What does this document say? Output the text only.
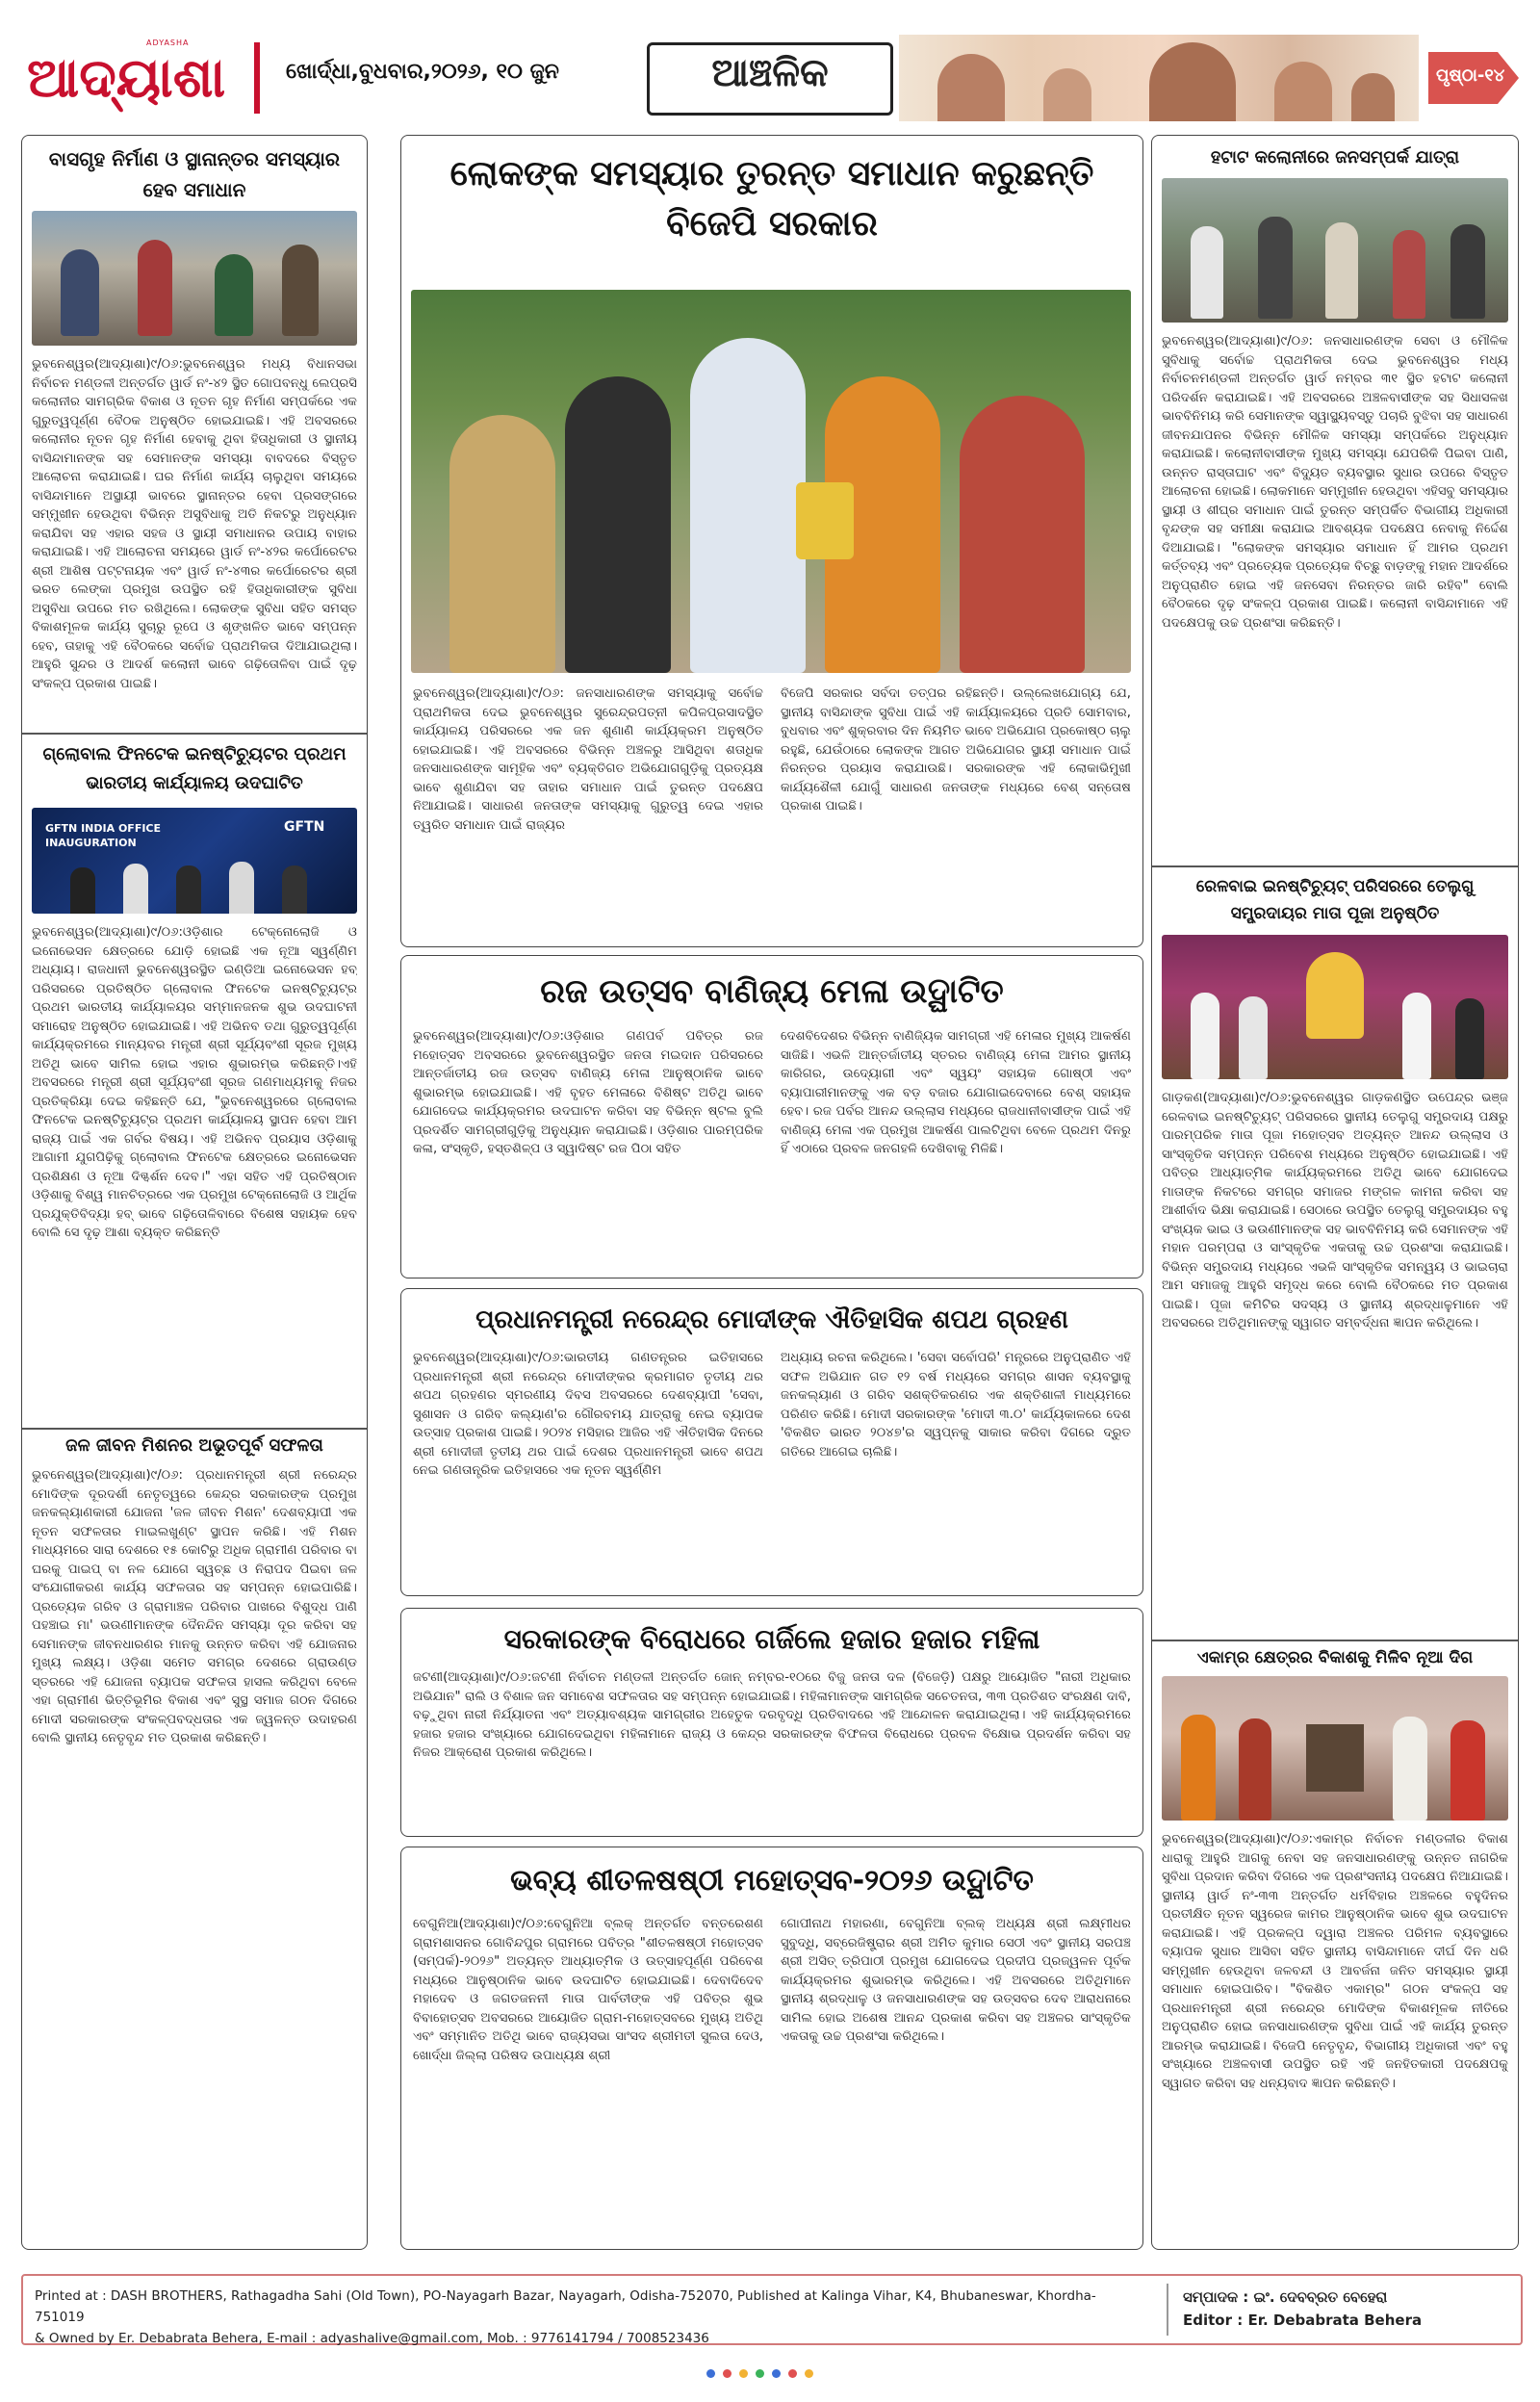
ADYASHA
ଆଦ୍ୟାଶା	ଖୋର୍ଦ୍ଧା,ବୁଧବାର,୨୦୨୬, ୧୦ ଜୁନ	ଆଞ୍ଚଳିକ	ପୃଷ୍ଠା-୧୪
ବାସଗୃହ ନିର୍ମାଣ ଓ ସ୍ଥାନାନ୍ତର ସମସ୍ୟାର ହେବ ସମାଧାନ
ଭୁବନେଶ୍ୱର(ଆଦ୍ୟାଶା)୯/୦୬:ଭୁବନେଶ୍ୱର ମଧ୍ୟ ବିଧାନସଭା ନିର୍ବାଚନ ମଣ୍ଡଳୀ ଅନ୍ତର୍ଗତ ୱାର୍ଡ ନଂ-୪୨ ସ୍ଥିତ ଗୋପବନ୍ଧୁ ଲେପ୍ରସି କଲୋନୀର ସାମଗ୍ରିକ ବିକାଶ ଓ ନୂତନ ଗୃହ ନିର୍ମାଣ ସମ୍ପର୍କରେ ଏକ ଗୁରୁତ୍ୱପୂର୍ଣ୍ଣ ବୈଠକ ଅନୁଷ୍ଠିତ ହୋଇଯାଇଛି। ଏହି ଅବସରରେ କଲୋନୀର ନୂତନ ଗୃହ ନିର୍ମାଣ ହେବାକୁ ଥିବା ହିତାଧିକାରୀ ଓ ସ୍ଥାନୀୟ ବାସିନ୍ଦାମାନଙ୍କ ସହ ସେମାନଙ୍କ ସମସ୍ୟା ବାବଦରେ ବିସ୍ତୃତ ଆଲୋଚନା କରାଯାଇଛି। ଘର ନିର୍ମାଣ କାର୍ଯ୍ୟ ଚାଲୁଥିବା ସମୟରେ ବାସିନ୍ଦାମାନେ ଅସ୍ଥାୟୀ ଭାବରେ ସ୍ଥାନାନ୍ତର ହେବା ପ୍ରସଙ୍ଗରେ ସମ୍ମୁଖୀନ ହେଉଥିବା ବିଭିନ୍ନ ଅସୁବିଧାକୁ ଅତି ନିକଟରୁ ଅନୁଧ୍ୟାନ କରାଯିବା ସହ ଏହାର ସହଜ ଓ ସ୍ଥାୟୀ ସମାଧାନର ଉପାୟ ବାହାର କରାଯାଇଛି। ଏହି ଆଲୋଚନା ସମୟରେ ୱାର୍ଡ ନଂ-୪୨ର କର୍ପୋରେଟର ଶ୍ରୀ ଆଶିଷ ପଟ୍ଟନାୟକ ଏବଂ ୱାର୍ଡ ନଂ-୪୩ର କର୍ପୋରେଟର ଶ୍ରୀ ଭରତ ଲେଙ୍କା ପ୍ରମୁଖ ଉପସ୍ଥିତ ରହି ହିତାଧିକାରୀଙ୍କ ସୁବିଧା ଅସୁବିଧା ଉପରେ ମତ ରଖିଥିଲେ। ଲୋକଙ୍କ ସୁବିଧା ସହିତ ସମସ୍ତ ବିକାଶମୂଳକ କାର୍ଯ୍ୟ ସୁଚାରୁ ରୂପେ ଓ ଶୃଙ୍ଖଳିତ ଭାବେ ସମ୍ପନ୍ନ ହେବ, ତାହାକୁ ଏହି ବୈଠକରେ ସର୍ବୋଚ୍ଚ ପ୍ରାଥମିକତା ଦିଆଯାଇଥିଲା। ଆହୁରି ସୁନ୍ଦର ଓ ଆଦର୍ଶ କଲୋନୀ ଭାବେ ଗଢ଼ିତୋଳିବା ପାଇଁ ଦୃଢ଼ ସଂକଳ୍ପ ପ୍ରକାଶ ପାଇଛି।
ଗ୍ଲୋବାଲ ଫିନଟେକ ଇନଷ୍ଟିଚ୍ୟୁଟର ପ୍ରଥମ ଭାରତୀୟ କାର୍ଯ୍ୟାଳୟ ଉଦଘାଟିତ
GFTN INDIA OFFICE INAUGURATION
GFTN
ଭୁବନେଶ୍ୱର(ଆଦ୍ୟାଶା)୯/୦୬:ଓଡ଼ିଶାର ଟେକ୍ନୋଲୋଜି ଓ ଇନୋଭେସନ କ୍ଷେତ୍ରରେ ଯୋଡ଼ି ହୋଇଛି ଏକ ନୂଆ ସ୍ୱର୍ଣ୍ଣିମ ଅଧ୍ୟାୟ। ରାଜଧାନୀ ଭୁବନେଶ୍ୱରସ୍ଥିତ ଇଣ୍ଡିଆ ଇନୋଭେସନ ହବ୍ ପରିସରରେ ପ୍ରତିଷ୍ଠିତ ଗ୍ଲୋବାଲ ଫିନଟେକ ଇନଷ୍ଟିଚ୍ୟୁଟ୍ର ପ୍ରଥମ ଭାରତୀୟ କାର୍ଯ୍ୟାଳୟର ସମ୍ମାନଜନକ ଶୁଭ ଉଦଘାଟନୀ ସମାରୋହ ଅନୁଷ୍ଠିତ ହୋଇଯାଇଛି। ଏହି ଅଭିନବ ତଥା ଗୁରୁତ୍ୱପୂର୍ଣ୍ଣ କାର୍ଯ୍ୟକ୍ରମରେ ମାନ୍ୟବର ମନ୍ତ୍ରୀ ଶ୍ରୀ ସୂର୍ଯ୍ୟବଂଶୀ ସୂରଜ ମୁଖ୍ୟ ଅତିଥି ଭାବେ ସାମିଲ ହୋଇ ଏହାର ଶୁଭାରମ୍ଭ କରିଛନ୍ତି।ଏହି ଅବସରରେ ମନ୍ତ୍ରୀ ଶ୍ରୀ ସୂର୍ଯ୍ୟବଂଶୀ ସୂରଜ ଗଣମାଧ୍ୟମକୁ ନିଜର ପ୍ରତିକ୍ରିୟା ଦେଇ କହିଛନ୍ତି ଯେ, "ଭୁବନେଶ୍ୱରରେ ଗ୍ଲୋବାଲ ଫିନଟେକ ଇନଷ୍ଟିଚ୍ୟୁଟ୍ର ପ୍ରଥମ କାର୍ଯ୍ୟାଳୟ ସ୍ଥାପନ ହେବା ଆମ ରାଜ୍ୟ ପାଇଁ ଏକ ଗର୍ବର ବିଷୟ। ଏହି ଅଭିନବ ପ୍ରୟାସ ଓଡ଼ିଶାକୁ ଆଗାମୀ ଯୁଗପିଢ଼ିକୁ ଗ୍ଲୋବାଲ ଫିନଟେକ କ୍ଷେତ୍ରରେ ଇନୋଭେସନ ପ୍ରଶିକ୍ଷଣ ଓ ନୂଆ ଦିଗ୍ଦର୍ଶନ ଦେବ।" ଏହା ସହିତ ଏହି ପ୍ରତିଷ୍ଠାନ ଓଡ଼ିଶାକୁ ବିଶ୍ୱ ମାନଚିତ୍ରରେ ଏକ ପ୍ରମୁଖ ଟେକ୍ନୋଲୋଜି ଓ ଆର୍ଥିକ ପ୍ରଯୁକ୍ତିବିଦ୍ୟା ହବ୍ ଭାବେ ଗଢ଼ିତୋଳିବାରେ ବିଶେଷ ସହାୟକ ହେବ ବୋଲି ସେ ଦୃଢ଼ ଆଶା ବ୍ୟକ୍ତ କରିଛନ୍ତି
ଜଳ ଜୀବନ ମିଶନର ଅଭୂତପୂର୍ବ ସଫଳତା
ଭୁବନେଶ୍ୱର(ଆଦ୍ୟାଶା)୯/୦୬: ପ୍ରଧାନମନ୍ତ୍ରୀ ଶ୍ରୀ ନରେନ୍ଦ୍ର ମୋଦିଙ୍କ ଦୂରଦର୍ଶୀ ନେତୃତ୍ୱରେ କେନ୍ଦ୍ର ସରକାରଙ୍କ ପ୍ରମୁଖ ଜନକଲ୍ୟାଣକାରୀ ଯୋଜନା 'ଜଳ ଜୀବନ ମିଶନ' ଦେଶବ୍ୟାପୀ ଏକ ନୂତନ ସଫଳତାର ମାଇଲଖୁଣ୍ଟ ସ୍ଥାପନ କରିଛି। ଏହି ମିଶନ ମାଧ୍ୟମରେ ସାରା ଦେଶରେ ୧୫ କୋଟିରୁ ଅଧିକ ଗ୍ରାମୀଣ ପରିବାର ବା ଘରକୁ ପାଇପ୍ ବା ନଳ ଯୋଗେ ସ୍ୱଚ୍ଛ ଓ ନିରାପଦ ପିଇବା ଜଳ ସଂଯୋଗୀକରଣ କାର୍ଯ୍ୟ ସଫଳତାର ସହ ସମ୍ପନ୍ନ ହୋଇପାରିଛି। ପ୍ରତ୍ୟେକ ଗରିବ ଓ ଗ୍ରାମାଞ୍ଚଳ ପରିବାର ପାଖରେ ବିଶୁଦ୍ଧ ପାଣି ପହଞ୍ଚାଇ ମା' ଭଉଣୀମାନଙ୍କ ଦୈନନ୍ଦିନ ସମସ୍ୟା ଦୂର କରିବା ସହ ସେମାନଙ୍କ ଜୀବନଧାରଣର ମାନକୁ ଉନ୍ନତ କରିବା ଏହି ଯୋଜନାର ମୁଖ୍ୟ ଲକ୍ଷ୍ୟ। ଓଡ଼ିଶା ସମେତ ସମଗ୍ର ଦେଶରେ ଗ୍ରାଉଣ୍ଡ ସ୍ତରରେ ଏହି ଯୋଜନା ବ୍ୟାପକ ସଫଳତା ହାସଲ କରିଥିବା ବେଳେ ଏହା ଗ୍ରାମୀଣ ଭିତ୍ତିଭୂମିର ବିକାଶ ଏବଂ ସୁସ୍ଥ ସମାଜ ଗଠନ ଦିଗରେ ମୋଦୀ ସରକାରଙ୍କ ସଂକଳ୍ପବଦ୍ଧତାର ଏକ ଜ୍ୱଳନ୍ତ ଉଦାହରଣ ବୋଲି ସ୍ଥାନୀୟ ନେତୃବୃନ୍ଦ ମତ ପ୍ରକାଶ କରିଛନ୍ତି।
ଲୋକଙ୍କ ସମସ୍ୟାର ତୁରନ୍ତ ସମାଧାନ କରୁଛନ୍ତି ବିଜେପି ସରକାର
ଭୁବନେଶ୍ୱର(ଆଦ୍ୟାଶା)୯/୦୬: ଜନସାଧାରଣଙ୍କ ସମସ୍ୟାକୁ ସର୍ବୋଚ୍ଚ ପ୍ରାଥମିକତା ଦେଇ ଭୁବନେଶ୍ୱର ସୁରେନ୍ଦ୍ରପତ୍ନୀ କପିଳପ୍ରସାଦସ୍ଥିତ କାର୍ଯ୍ୟାଳୟ ପରିସରରେ ଏକ ଜନ ଶୁଣାଣି କାର୍ଯ୍ୟକ୍ରମ ଅନୁଷ୍ଠିତ ହୋଇଯାଇଛି। ଏହି ଅବସରରେ ବିଭିନ୍ନ ଅଞ୍ଚଳରୁ ଆସିଥିବା ଶତାଧିକ ଜନସାଧାରଣଙ୍କ ସାମୂହିକ ଏବଂ ବ୍ୟକ୍ତିଗତ ଅଭିଯୋଗଗୁଡ଼ିକୁ ପ୍ରତ୍ୟକ୍ଷ ଭାବେ ଶୁଣାଯିବା ସହ ତାହାର ସମାଧାନ ପାଇଁ ତୁରନ୍ତ ପଦକ୍ଷେପ ନିଆଯାଇଛି। ସାଧାରଣ ଜନତାଙ୍କ ସମସ୍ୟାକୁ ଗୁରୁତ୍ୱ ଦେଇ ଏହାର ତ୍ୱରିତ ସମାଧାନ ପାଇଁ ରାଜ୍ୟର
ବିଜେପି ସରକାର ସର୍ବଦା ତତ୍ପର ରହିଛନ୍ତି। ଉଲ୍ଲେଖଯୋଗ୍ୟ ଯେ, ସ୍ଥାନୀୟ ବାସିନ୍ଦାଙ୍କ ସୁବିଧା ପାଇଁ ଏହି କାର୍ଯ୍ୟାଳୟରେ ପ୍ରତି ସୋମବାର, ବୁଧବାର ଏବଂ ଶୁକ୍ରବାର ଦିନ ନିୟମିତ ଭାବେ ଅଭିଯୋଗ ପ୍ରକୋଷ୍ଠ ଚାଲୁ ରହୁଛି, ଯେଉଁଠାରେ ଲୋକଙ୍କ ଆଗତ ଅଭିଯୋଗର ସ୍ଥାୟୀ ସମାଧାନ ପାଇଁ ନିରନ୍ତର ପ୍ରୟାସ କରାଯାଉଛି। ସରକାରଙ୍କ ଏହି ଲୋକାଭିମୁଖୀ କାର୍ଯ୍ୟଶୈଳୀ ଯୋଗୁଁ ସାଧାରଣ ଜନତାଙ୍କ ମଧ୍ୟରେ ବେଶ୍ ସନ୍ତୋଷ ପ୍ରକାଶ ପାଇଛି।
ରଜ ଉତ୍ସବ ବାଣିଜ୍ୟ ମେଳା ଉଦ୍ଘାଟିତ
ଭୁବନେଶ୍ୱର(ଆଦ୍ୟାଶା)୯/୦୬:ଓଡ଼ିଶାର ଗଣପର୍ବ ପବିତ୍ର ରଜ ମହୋତ୍ସବ ଅବସରରେ ଭୁବନେଶ୍ୱରସ୍ଥିତ ଜନତା ମଇଦାନ ପରିସରରେ ଆନ୍ତର୍ଜାତୀୟ ରଜ ଉତ୍ସବ ବାଣିଜ୍ୟ ମେଳା ଆନୁଷ୍ଠାନିକ ଭାବେ ଶୁଭାରମ୍ଭ ହୋଇଯାଇଛି। ଏହି ବୃହତ ମେଳାରେ ବିଶିଷ୍ଟ ଅତିଥି ଭାବେ ଯୋଗଦେଇ କାର୍ଯ୍ୟକ୍ରମର ଉଦଘାଟନ କରିବା ସହ ବିଭିନ୍ନ ଷ୍ଟଲ ବୁଲି ପ୍ରଦର୍ଶିତ ସାମଗ୍ରୀଗୁଡ଼ିକୁ ଅନୁଧ୍ୟାନ କରାଯାଇଛି। ଓଡ଼ିଶାର ପାରମ୍ପରିକ କଳା, ସଂସ୍କୃତି, ହସ୍ତଶିଳ୍ପ ଓ ସ୍ୱାଦିଷ୍ଟ ରଜ ପିଠା ସହିତ
ଦେଶବିଦେଶର ବିଭିନ୍ନ ବାଣିଜ୍ୟିକ ସାମଗ୍ରୀ ଏହି ମେଳାର ମୁଖ୍ୟ ଆକର୍ଷଣ ସାଜିଛି। ଏଭଳି ଆନ୍ତର୍ଜାତୀୟ ସ୍ତରର ବାଣିଜ୍ୟ ମେଳା ଆମର ସ୍ଥାନୀୟ କାରିଗର, ଉଦ୍ୟୋଗୀ ଏବଂ ସ୍ୱୟଂ ସହାୟକ ଗୋଷ୍ଠୀ ଏବଂ ବ୍ୟାପାରୀମାନଙ୍କୁ ଏକ ବଡ଼ ବଜାର ଯୋଗାଇଦେବାରେ ବେଶ୍ ସହାୟକ ହେବ। ରଜ ପର୍ବର ଆନନ୍ଦ ଉଲ୍ଲାସ ମଧ୍ୟରେ ରାଜଧାନୀବାସୀଙ୍କ ପାଇଁ ଏହି ବାଣିଜ୍ୟ ମେଳା ଏକ ପ୍ରମୁଖ ଆକର୍ଷଣ ପାଲଟିଥିବା ବେଳେ ପ୍ରଥମ ଦିନରୁ ହିଁ ଏଠାରେ ପ୍ରବଳ ଜନଗହଳି ଦେଖିବାକୁ ମିଳିଛି।
ପ୍ରଧାନମନ୍ତ୍ରୀ ନରେନ୍ଦ୍ର ମୋଦୀଙ୍କ ଐତିହାସିକ ଶପଥ ଗ୍ରହଣ
ଭୁବନେଶ୍ୱର(ଆଦ୍ୟାଶା)୯/୦୬:ଭାରତୀୟ ଗଣତନ୍ତ୍ରର ଇତିହାସରେ ପ୍ରଧାନମନ୍ତ୍ରୀ ଶ୍ରୀ ନରେନ୍ଦ୍ର ମୋଦୀଙ୍କର କ୍ରମାଗତ ତୃତୀୟ ଥର ଶପଥ ଗ୍ରହଣର ସ୍ମରଣୀୟ ଦିବସ ଅବସରରେ ଦେଶବ୍ୟାପୀ 'ସେବା, ସୁଶାସନ ଓ ଗରିବ କଲ୍ୟାଣ'ର ଗୌରବମୟ ଯାତ୍ରାକୁ ନେଇ ବ୍ୟାପକ ଉତ୍ସାହ ପ୍ରକାଶ ପାଇଛି। ୨୦୨୪ ମସିହାର ଆଜିର ଏହି ଐତିହାସିକ ଦିନରେ ଶ୍ରୀ ମୋଦୀଜୀ ତୃତୀୟ ଥର ପାଇଁ ଦେଶର ପ୍ରଧାନମନ୍ତ୍ରୀ ଭାବେ ଶପଥ ନେଇ ଗଣତାନ୍ତ୍ରିକ ଇତିହାସରେ ଏକ ନୂତନ ସ୍ୱର୍ଣ୍ଣିମ
ଅଧ୍ୟାୟ ରଚନା କରିଥିଲେ। 'ସେବା ସର୍ବୋପରି' ମନ୍ତ୍ରରେ ଅନୁପ୍ରାଣିତ ଏହି ସଫଳ ଅଭିଯାନ ଗତ ୧୨ ବର୍ଷ ମଧ୍ୟରେ ସମଗ୍ର ଶାସନ ବ୍ୟବସ୍ଥାକୁ ଜନକଲ୍ୟାଣ ଓ ଗରିବ ସଶକ୍ତିକରଣର ଏକ ଶକ୍ତିଶାଳୀ ମାଧ୍ୟମରେ ପରିଣତ କରିଛି। ମୋଦୀ ସରକାରଙ୍କ 'ମୋଦୀ ୩.୦' କାର୍ଯ୍ୟକାଳରେ ଦେଶ 'ବିକଶିତ ଭାରତ ୨୦୪୭'ର ସ୍ୱପ୍ନକୁ ସାକାର କରିବା ଦିଗରେ ଦ୍ରୁତ ଗତିରେ ଆଗେଇ ଚାଲିଛି।
ସରକାରଙ୍କ ବିରୋଧରେ ଗର୍ଜିଲେ ହଜାର ହଜାର ମହିଳା
ଜଟଣୀ(ଆଦ୍ୟାଶା)୯/୦୬:ଜଟଣୀ ନିର୍ବାଚନ ମଣ୍ଡଳୀ ଅନ୍ତର୍ଗତ ଜୋନ୍ ନମ୍ବର-୧୦ରେ ବିଜୁ ଜନତା ଦଳ (ବିଜେଡ଼ି) ପକ୍ଷରୁ ଆୟୋଜିତ "ନାରୀ ଅଧିକାର ଅଭିଯାନ" ରାଲି ଓ ବିଶାଳ ଜନ ସମାବେଶ ସଫଳତାର ସହ ସମ୍ପନ୍ନ ହୋଇଯାଇଛି। ମହିଳାମାନଙ୍କ ସାମଗ୍ରିକ ସଚେତନତା, ୩୩ ପ୍ରତିଶତ ସଂରକ୍ଷଣ ଦାବି, ବଢ଼ୁଥିବା ନାରୀ ନିର୍ଯ୍ୟାତନା ଏବଂ ଅତ୍ୟାବଶ୍ୟକ ସାମଗ୍ରୀର ଅହେତୁକ ଦରବୃଦ୍ଧି ପ୍ରତିବାଦରେ ଏହି ଆନ୍ଦୋଳନ କରାଯାଇଥିଲା। ଏହି କାର୍ଯ୍ୟକ୍ରମରେ ହଜାର ହଜାର ସଂଖ୍ୟାରେ ଯୋଗଦେଇଥିବା ମହିଳାମାନେ ରାଜ୍ୟ ଓ କେନ୍ଦ୍ର ସରକାରଙ୍କ ବିଫଳତା ବିରୋଧରେ ପ୍ରବଳ ବିକ୍ଷୋଭ ପ୍ରଦର୍ଶନ କରିବା ସହ ନିଜର ଆକ୍ରୋଶ ପ୍ରକାଶ କରିଥିଲେ।
ଭବ୍ୟ ଶୀତଳଷଷ୍ଠୀ ମହୋତ୍ସବ-୨୦୨୬ ଉଦ୍ଘାଟିତ
ବେଗୁନିଆ(ଆଦ୍ୟାଶା)୯/୦୬:ବେଗୁନିଆ ବ୍ଲକ୍ ଅନ୍ତର୍ଗତ ବନ୍ତରେଶଣ ଗ୍ରାମଶାସନର ଗୋବିନ୍ଦପୁର ଗ୍ରାମରେ ପବିତ୍ର "ଶୀତଳଷଷ୍ଠୀ ମହୋତ୍ସବ (ସମ୍ପର୍କ)-୨୦୨୬" ଅତ୍ୟନ୍ତ ଆଧ୍ୟାତ୍ମିକ ଓ ଉତ୍ସାହପୂର୍ଣ୍ଣ ପରିବେଶ ମଧ୍ୟରେ ଆନୁଷ୍ଠାନିକ ଭାବେ ଉଦଘାଟିତ ହୋଇଯାଇଛି। ଦେବାଦିଦେବ ମହାଦେବ ଓ ଜଗତଜନନୀ ମାତା ପାର୍ବତୀଙ୍କ ଏହି ପବିତ୍ର ଶୁଭ ବିବାହୋତ୍ସବ ଅବସରରେ ଆୟୋଜିତ ଗ୍ରାମ-ମହୋତ୍ସବରେ ମୁଖ୍ୟ ଅତିଥି ଏବଂ ସମ୍ମାନିତ ଅତିଥି ଭାବେ ରାଜ୍ୟସଭା ସାଂସଦ ଶ୍ରୀମତୀ ସୁଲତା ଦେଓ, ଖୋର୍ଦ୍ଧା ଜିଲ୍ଲା ପରିଷଦ ଉପାଧ୍ୟକ୍ଷ ଶ୍ରୀ
ଗୋପୀନାଥ ମହାରଣା, ବେଗୁନିଆ ବ୍ଲକ୍ ଅଧ୍ୟକ୍ଷ ଶ୍ରୀ ଲକ୍ଷ୍ମୀଧର ସୁବୁଦ୍ଧି, ସବ୍‌ରେଜିଷ୍ଟ୍ରାର ଶ୍ରୀ ଅମିତ କୁମାର ସେଠୀ ଏବଂ ସ୍ଥାନୀୟ ସରପଞ୍ଚ ଶ୍ରୀ ଅସିତ୍ ତ୍ରିପାଠୀ ପ୍ରମୁଖ ଯୋଗଦେଇ ପ୍ରଦୀପ ପ୍ରଜ୍ୱଳନ ପୂର୍ବକ କାର୍ଯ୍ୟକ୍ରମର ଶୁଭାରମ୍ଭ କରିଥିଲେ। ଏହି ଅବସରରେ ଅତିଥିମାନେ ସ୍ଥାନୀୟ ଶ୍ରଦ୍ଧାଳୁ ଓ ଜନସାଧାରଣଙ୍କ ସହ ଉତ୍ସବର ଦେବ ଆରାଧନାରେ ସାମିଲ ହୋଇ ଅଶେଷ ଆନନ୍ଦ ପ୍ରକାଶ କରିବା ସହ ଅଞ୍ଚଳର ସାଂସ୍କୃତିକ ଏକତାକୁ ଉଚ୍ଚ ପ୍ରଶଂସା କରିଥିଲେ।
ହଟାଟ କଲୋନୀରେ ଜନସମ୍ପର୍କ ଯାତ୍ରା
ଭୁବନେଶ୍ୱର(ଆଦ୍ୟାଶା)୯/୦୬: ଜନସାଧାରଣଙ୍କ ସେବା ଓ ମୌଳିକ ସୁବିଧାକୁ ସର୍ବୋଚ୍ଚ ପ୍ରାଥମିକତା ଦେଇ ଭୁବନେଶ୍ୱର ମଧ୍ୟ ନିର୍ବାଚନମଣ୍ଡଳୀ ଅନ୍ତର୍ଗତ ୱାର୍ଡ ନମ୍ବର ୩୧ ସ୍ଥିତ ହଟାଟ କଲୋନୀ ପରିଦର୍ଶନ କରାଯାଇଛି। ଏହି ଅବସରରେ ଅଞ୍ଚଳବାସୀଙ୍କ ସହ ସିଧାସଳଖ ଭାବବିନିମୟ କରି ସେମାନଙ୍କ ସ୍ୱାସ୍ଥ୍ୟବସ୍ତୁ ପଚାରି ବୁଝିବା ସହ ସାଧାରଣ ଜୀବନଯାପନର ବିଭିନ୍ନ ମୌଳିକ ସମସ୍ୟା ସମ୍ପର୍କରେ ଅନୁଧ୍ୟାନ କରାଯାଇଛି। କଲୋନୀବାସୀଙ୍କ ମୁଖ୍ୟ ସମସ୍ୟା ଯେପରିକି ପିଇବା ପାଣି, ଉନ୍ନତ ରାସ୍ତାଘାଟ ଏବଂ ବିଦ୍ୟୁତ ବ୍ୟବସ୍ଥାର ସୁଧାର ଉପରେ ବିସ୍ତୃତ ଆଲୋଚନା ହୋଇଛି। ଲୋକମାନେ ସମ୍ମୁଖୀନ ହେଉଥିବା ଏହିସବୁ ସମସ୍ୟାର ସ୍ଥାୟୀ ଓ ଶୀଘ୍ର ସମାଧାନ ପାଇଁ ତୁରନ୍ତ ସମ୍ପର୍କିତ ବିଭାଗୀୟ ଅଧିକାରୀ ବୃନ୍ଦଙ୍କ ସହ ସମୀକ୍ଷା କରାଯାଇ ଆବଶ୍ୟକ ପଦକ୍ଷେପ ନେବାକୁ ନିର୍ଦ୍ଦେଶ ଦିଆଯାଇଛି। "ଲୋକଙ୍କ ସମସ୍ୟାର ସମାଧାନ ହିଁ ଆମର ପ୍ରଥମ କର୍ତ୍ତବ୍ୟ ଏବଂ ପ୍ରତ୍ୟେକ ପ୍ରତ୍ୟେକ ବିଚ୍ଛୁ ବାଡ଼ଙ୍କୁ ମହାନ ଆଦର୍ଶରେ ଅନୁପ୍ରାଣିତ ହୋଇ ଏହି ଜନସେବା ନିରନ୍ତର ଜାରି ରହିବ" ବୋଲି ବୈଠକରେ ଦୃଢ଼ ସଂକଳ୍ପ ପ୍ରକାଶ ପାଇଛି। କଲୋନୀ ବାସିନ୍ଦାମାନେ ଏହି ପଦକ୍ଷେପକୁ ଉଚ୍ଚ ପ୍ରଶଂସା କରିଛନ୍ତି।
ରେଳବାଇ ଇନଷ୍ଟିଚ୍ୟୁଟ୍ ପରିସରରେ ତେଲୁଗୁ ସମ୍ପ୍ରଦାୟର ମାତା ପୂଜା ଅନୁଷ୍ଠିତ
ଗାଡ଼କଣ(ଆଦ୍ୟାଶା)୯/୦୬:ଭୁବନେଶ୍ୱର ଗାଡ଼କଣସ୍ଥିତ ଉପେନ୍ଦ୍ର ଭଞ୍ଜ ରେଳବାଇ ଇନଷ୍ଟିଚ୍ୟୁଟ୍ ପରିସରରେ ସ୍ଥାନୀୟ ତେଲୁଗୁ ସମ୍ପ୍ରଦାୟ ପକ୍ଷରୁ ପାରମ୍ପରିକ ମାତା ପୂଜା ମହୋତ୍ସବ ଅତ୍ୟନ୍ତ ଆନନ୍ଦ ଉଲ୍ଲାସ ଓ ସାଂସ୍କୃତିକ ସମ୍ପନ୍ନ ପରିବେଶ ମଧ୍ୟରେ ଅନୁଷ୍ଠିତ ହୋଇଯାଇଛି। ଏହି ପବିତ୍ର ଆଧ୍ୟାତ୍ମିକ କାର୍ଯ୍ୟକ୍ରମରେ ଅତିଥି ଭାବେ ଯୋଗଦେଇ ମାତାଙ୍କ ନିକଟରେ ସମଗ୍ର ସମାଜର ମଙ୍ଗଳ କାମନା କରିବା ସହ ଆଶୀର୍ବାଦ ଭିକ୍ଷା କରାଯାଇଛି। ସେଠାରେ ଉପସ୍ଥିତ ତେଲୁଗୁ ସମ୍ପ୍ରଦାୟର ବହୁ ସଂଖ୍ୟକ ଭାଇ ଓ ଭଉଣୀମାନଙ୍କ ସହ ଭାବବିନିମୟ କରି ସେମାନଙ୍କ ଏହି ମହାନ ପରମ୍ପରା ଓ ସାଂସ୍କୃତିକ ଏକତାକୁ ଉଚ୍ଚ ପ୍ରଶଂସା କରାଯାଇଛି। ବିଭିନ୍ନ ସମ୍ପ୍ରଦାୟ ମଧ୍ୟରେ ଏଭଳି ସାଂସ୍କୃତିକ ସମନ୍ୱୟ ଓ ଭାଇଚାରା ଆମ ସମାଜକୁ ଆହୁରି ସମୃଦ୍ଧ କରେ ବୋଲି ବୈଠକରେ ମତ ପ୍ରକାଶ ପାଇଛି। ପୂଜା କମିଟିର ସଦସ୍ୟ ଓ ସ୍ଥାନୀୟ ଶ୍ରଦ୍ଧାଳୁମାନେ ଏହି ଅବସରରେ ଅତିଥିମାନଙ୍କୁ ସ୍ୱାଗତ ସମ୍ବର୍ଦ୍ଧନା ଜ୍ଞାପନ କରିଥିଲେ।
ଏକାମ୍ର କ୍ଷେତ୍ରର ବିକାଶକୁ ମିଳିବ ନୂଆ ଦିଗ
ଭୁବନେଶ୍ୱର(ଆଦ୍ୟାଶା)୯/୦୬:ଏକାମ୍ର ନିର୍ବାଚନ ମଣ୍ଡଳୀର ବିକାଶ ଧାରାକୁ ଆହୁରି ଆଗକୁ ନେବା ସହ ଜନସାଧାରଣଙ୍କୁ ଉନ୍ନତ ନାଗରିକ ସୁବିଧା ପ୍ରଦାନ କରିବା ଦିଗରେ ଏକ ପ୍ରଶଂସନୀୟ ପଦକ୍ଷେପ ନିଆଯାଇଛି। ସ୍ଥାନୀୟ ୱାର୍ଡ ନଂ-୩୩ ଅନ୍ତର୍ଗତ ଧର୍ମବିହାର ଅଞ୍ଚଳରେ ବହୁଦିନର ପ୍ରତୀକ୍ଷିତ ନୂତନ ସ୍ୱରେଜ କାମର ଆନୁଷ୍ଠାନିକ ଭାବେ ଶୁଭ ଉଦଘାଟନ କରାଯାଇଛି। ଏହି ପ୍ରକଳ୍ପ ଦ୍ୱାରା ଅଞ୍ଚଳର ପରିମଳ ବ୍ୟବସ୍ଥାରେ ବ୍ୟାପକ ସୁଧାର ଆସିବା ସହିତ ସ୍ଥାନୀୟ ବାସିନ୍ଦାମାନେ ଦୀର୍ଘ ଦିନ ଧରି ସମ୍ମୁଖୀନ ହେଉଥିବା ଜଳବନ୍ଦୀ ଓ ଆବର୍ଜନା ଜନିତ ସମସ୍ୟାର ସ୍ଥାୟୀ ସମାଧାନ ହୋଇପାରିବ। "ବିକଶିତ ଏକାମ୍ର" ଗଠନ ସଂକଳ୍ପ ସହ ପ୍ରଧାନମନ୍ତ୍ରୀ ଶ୍ରୀ ନରେନ୍ଦ୍ର ମୋଦିଙ୍କ ବିକାଶମୂଳକ ନୀତିରେ ଅନୁପ୍ରାଣିତ ହୋଇ ଜନସାଧାରଣଙ୍କ ସୁବିଧା ପାଇଁ ଏହି କାର୍ଯ୍ୟ ତୁରନ୍ତ ଆରମ୍ଭ କରାଯାଇଛି। ବିଜେପି ନେତୃବୃନ୍ଦ, ବିଭାଗୀୟ ଅଧିକାରୀ ଏବଂ ବହୁ ସଂଖ୍ୟାରେ ଅଞ୍ଚଳବାସୀ ଉପସ୍ଥିତ ରହି ଏହି ଜନହିତକାରୀ ପଦକ୍ଷେପକୁ ସ୍ୱାଗତ କରିବା ସହ ଧନ୍ୟବାଦ ଜ୍ଞାପନ କରିଛନ୍ତି।
Printed at : DASH BROTHERS, Rathagadha Sahi (Old Town), PO-Nayagarh Bazar, Nayagarh, Odisha-752070, Published at Kalinga Vihar, K4, Bhubaneswar, Khordha-751019
& Owned by Er. Debabrata Behera, E-mail : adyashalive@gmail.com, Mob. : 9776141794 / 7008523436
ସମ୍ପାଦକ : ଇଂ. ଦେବବ୍ରତ ବେହେରା
Editor : Er. Debabrata Behera
